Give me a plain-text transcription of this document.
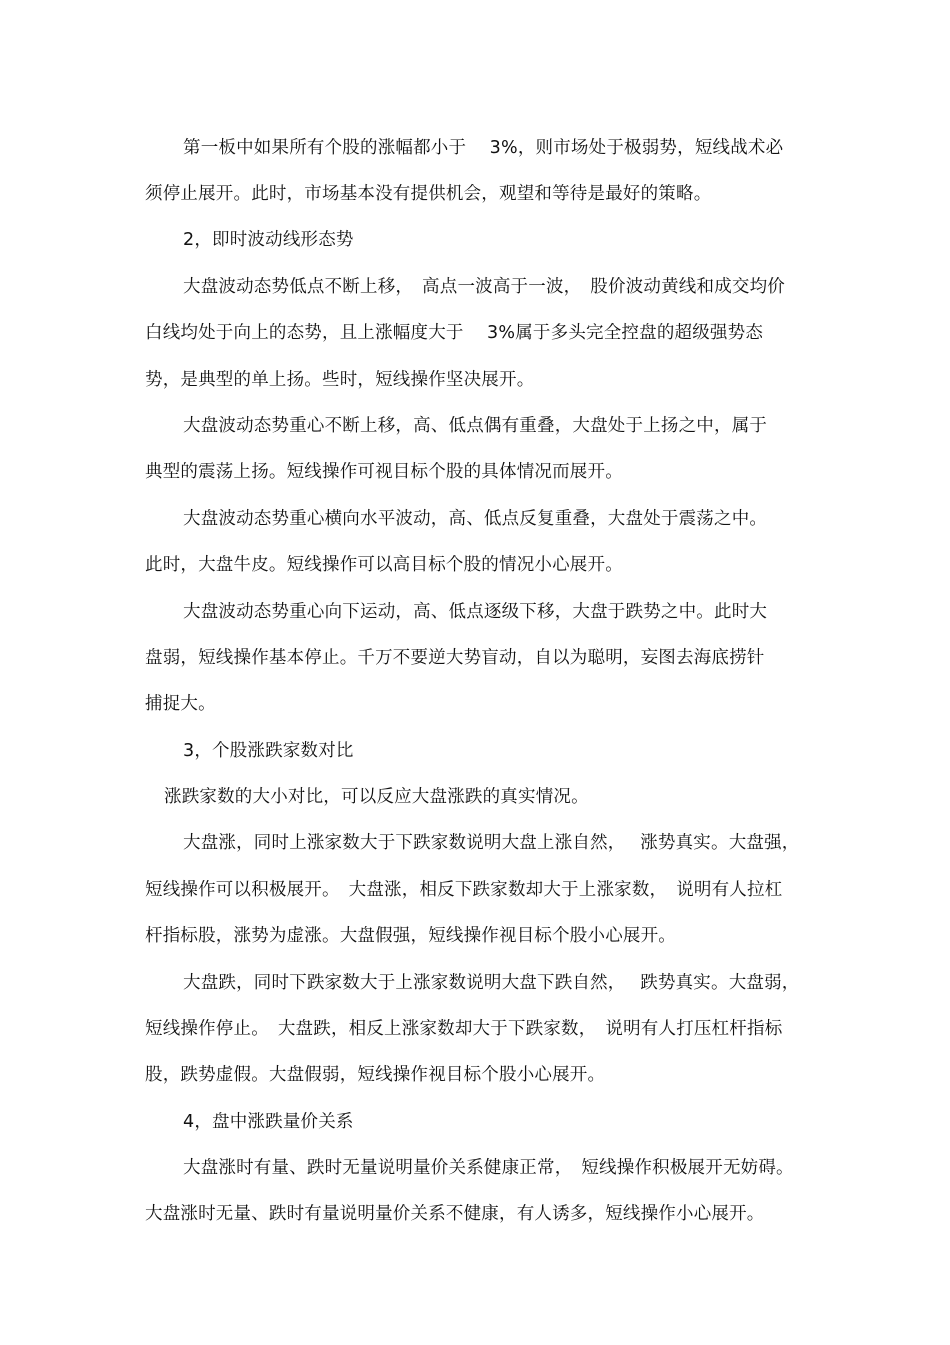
第一板中如果所有个股的涨幅都小于　 3%，则市场处于极弱势，短线战术必
须停止展开。此时，市场基本没有提供机会，观望和等待是最好的策略。
2，即时波动线形态势
大盘波动态势低点不断上移，　高点一波高于一波，　股价波动黄线和成交均价
白线均处于向上的态势，且上涨幅度大于　 3%属于多头完全控盘的超级强势态
势，是典型的单上扬。些时，短线操作坚决展开。
大盘波动态势重心不断上移，高、低点偶有重叠，大盘处于上扬之中，属于
典型的震荡上扬。短线操作可视目标个股的具体情况而展开。
大盘波动态势重心横向水平波动，高、低点反复重叠，大盘处于震荡之中。
此时，大盘牛皮。短线操作可以高目标个股的情况小心展开。
大盘波动态势重心向下运动，高、低点逐级下移，大盘于跌势之中。此时大
盘弱，短线操作基本停止。千万不要逆大势盲动，自以为聪明，妄图去海底捞针
捕捉大。
3，个股涨跌家数对比
涨跌家数的大小对比，可以反应大盘涨跌的真实情况。
大盘涨，同时上涨家数大于下跌家数说明大盘上涨自然，　 涨势真实。大盘强，
短线操作可以积极展开。　大盘涨，相反下跌家数却大于上涨家数，　说明有人拉杠
杆指标股，涨势为虚涨。大盘假强，短线操作视目标个股小心展开。
大盘跌，同时下跌家数大于上涨家数说明大盘下跌自然，　 跌势真实。大盘弱，
短线操作停止。　大盘跌，相反上涨家数却大于下跌家数，　说明有人打压杠杆指标
股，跌势虚假。大盘假弱，短线操作视目标个股小心展开。
4，盘中涨跌量价关系
大盘涨时有量、跌时无量说明量价关系健康正常，　短线操作积极展开无妨碍。
大盘涨时无量、跌时有量说明量价关系不健康，有人诱多，短线操作小心展开。
